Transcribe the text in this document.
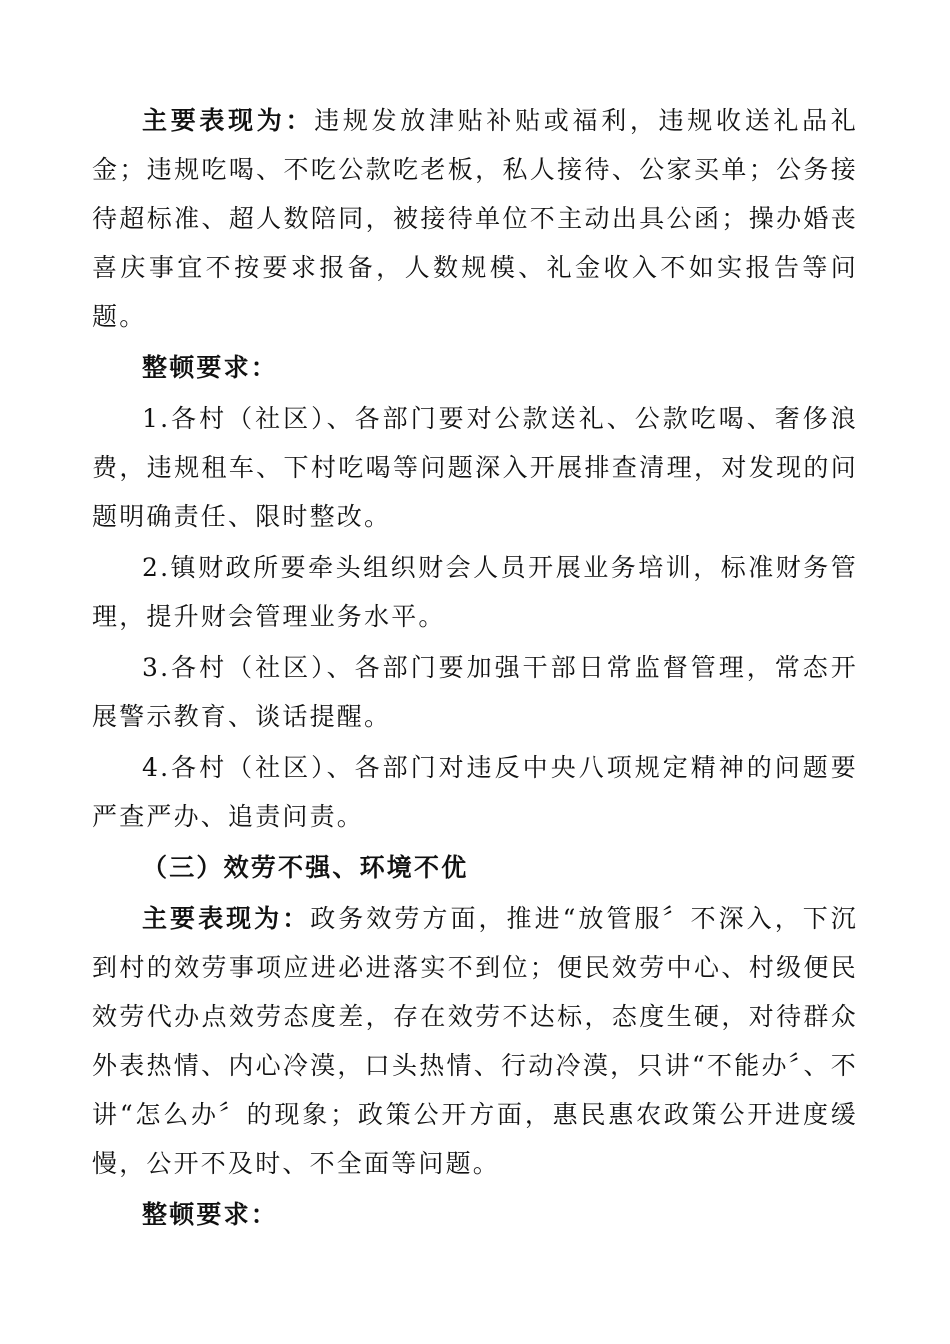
主要表现为：违规发放津贴补贴或福利，违规收送礼品礼金；违规吃喝、不吃公款吃老板，私人接待、公家买单；公务接待超标准、超人数陪同，被接待单位不主动出具公函；操办婚丧喜庆事宜不按要求报备，人数规模、礼金收入不如实报告等问题。

整顿要求：

1.各村（社区）、各部门要对公款送礼、公款吃喝、奢侈浪费，违规租车、下村吃喝等问题深入开展排查清理，对发现的问题明确责任、限时整改。

2.镇财政所要牵头组织财会人员开展业务培训，标准财务管理，提升财会管理业务水平。

3.各村（社区）、各部门要加强干部日常监督管理，常态开展警示教育、谈话提醒。

4.各村（社区）、各部门对违反中央八项规定精神的问题要严查严办、追责问责。

（三）效劳不强、环境不优

主要表现为：政务效劳方面，推进“放管服〞不深入，下沉到村的效劳事项应进必进落实不到位；便民效劳中心、村级便民效劳代办点效劳态度差，存在效劳不达标，态度生硬，对待群众外表热情、内心冷漠，口头热情、行动冷漠，只讲“不能办〞、不讲“怎么办〞的现象；政策公开方面，惠民惠农政策公开进度缓慢，公开不及时、不全面等问题。

整顿要求：
